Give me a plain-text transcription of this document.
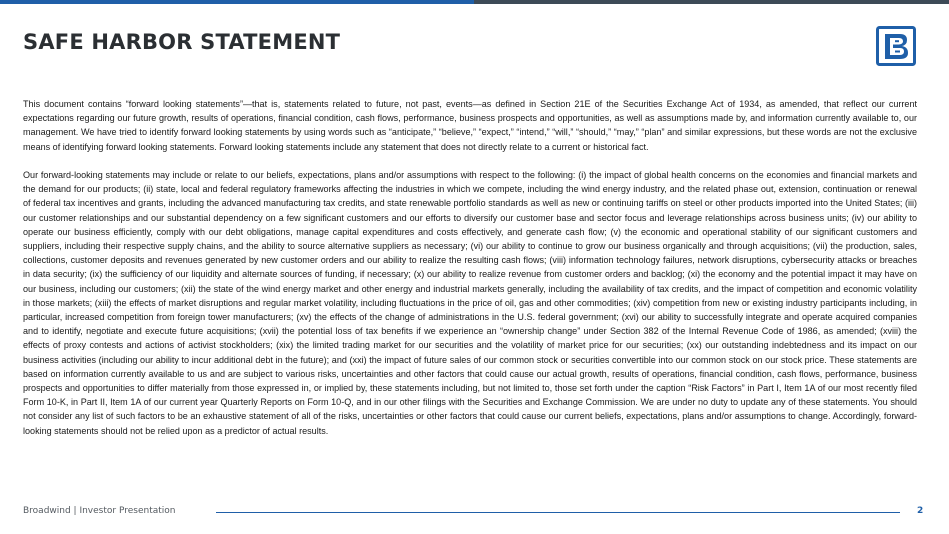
SAFE HARBOR STATEMENT

This document contains “forward looking statements”—that is, statements related to future, not past, events—as defined in Section 21E of the Securities Exchange Act of 1934, as amended, that reflect our current expectations regarding our future growth, results of operations, financial condition, cash flows, performance, business prospects and opportunities, as well as assumptions made by, and information currently available to, our management. We have tried to identify forward looking statements by using words such as “anticipate,” “believe,” “expect,” “intend,” “will,” “should,” “may,” “plan” and similar expressions, but these words are not the exclusive means of identifying forward looking statements. Forward looking statements include any statement that does not directly relate to a current or historical fact.

Our forward-looking statements may include or relate to our beliefs, expectations, plans and/or assumptions with respect to the following: (i) the impact of global health concerns on the economies and financial markets and the demand for our products; (ii) state, local and federal regulatory frameworks affecting the industries in which we compete, including the wind energy industry, and the related phase out, extension, continuation or renewal of federal tax incentives and grants, including the advanced manufacturing tax credits, and state renewable portfolio standards as well as new or continuing tariffs on steel or other products imported into the United States; (iii) our customer relationships and our substantial dependency on a few significant customers and our efforts to diversify our customer base and sector focus and leverage relationships across business units; (iv) our ability to operate our business efficiently, comply with our debt obligations, manage capital expenditures and costs effectively, and generate cash flow; (v) the economic and operational stability of our significant customers and suppliers, including their respective supply chains, and the ability to source alternative suppliers as necessary; (vi) our ability to continue to grow our business organically and through acquisitions; (vii) the production, sales, collections, customer deposits and revenues generated by new customer orders and our ability to realize the resulting cash flows; (viii) information technology failures, network disruptions, cybersecurity attacks or breaches in data security; (ix) the sufficiency of our liquidity and alternate sources of funding, if necessary; (x) our ability to realize revenue from customer orders and backlog; (xi) the economy and the potential impact it may have on our business, including our customers; (xii) the state of the wind energy market and other energy and industrial markets generally, including the availability of tax credits, and the impact of competition and economic volatility in those markets; (xiii) the effects of market disruptions and regular market volatility, including fluctuations in the price of oil, gas and other commodities; (xiv) competition from new or existing industry participants including, in particular, increased competition from foreign tower manufacturers; (xv) the effects of the change of administrations in the U.S. federal government; (xvi) our ability to successfully integrate and operate acquired companies and to identify, negotiate and execute future acquisitions; (xvii) the potential loss of tax benefits if we experience an “ownership change” under Section 382 of the Internal Revenue Code of 1986, as amended; (xviii) the effects of proxy contests and actions of activist stockholders; (xix) the limited trading market for our securities and the volatility of market price for our securities; (xx) our outstanding indebtedness and its impact on our business activities (including our ability to incur additional debt in the future); and (xxi) the impact of future sales of our common stock or securities convertible into our common stock on our stock price. These statements are based on information currently available to us and are subject to various risks, uncertainties and other factors that could cause our actual growth, results of operations, financial condition, cash flows, performance, business prospects and opportunities to differ materially from those expressed in, or implied by, these statements including, but not limited to, those set forth under the caption “Risk Factors” in Part I, Item 1A of our most recently filed Form 10-K, in Part II, Item 1A of our current year Quarterly Reports on Form 10-Q, and in our other filings with the Securities and Exchange Commission. We are under no duty to update any of these statements. You should not consider any list of such factors to be an exhaustive statement of all of the risks, uncertainties or other factors that could cause our current beliefs, expectations, plans and/or assumptions to change. Accordingly, forward-looking statements should not be relied upon as a predictor of actual results.

Broadwind | Investor Presentation	2
